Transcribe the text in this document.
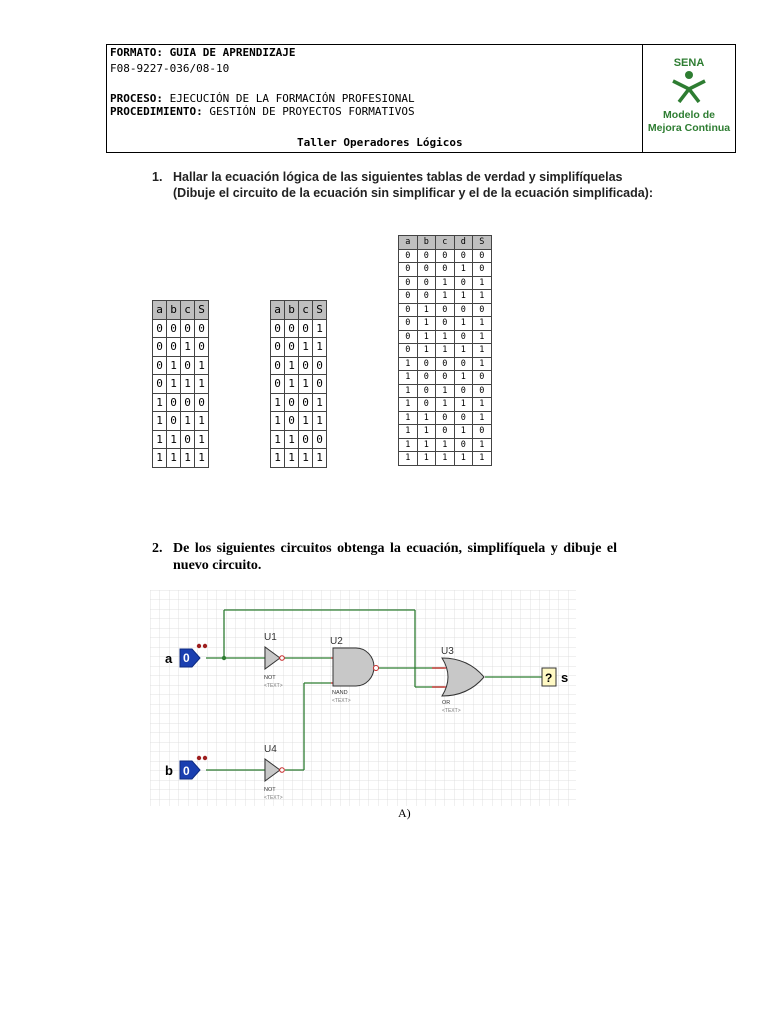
FORMATO: GUIA DE APRENDIZAJE
F08-9227-036/08-10
PROCESO: EJECUCIÓN DE LA FORMACIÓN PROFESIONAL
PROCEDIMIENTO: GESTIÓN DE PROYECTOS FORMATIVOS
Taller Operadores Lógicos
SENA
Modelo de
Mejora Continua
1. Hallar la ecuación lógica de las siguientes tablas de verdad y simplifíquelas
(Dibuje el circuito de la ecuación sin simplificar y el de la ecuación simplificada):
a	b	c	S
0	0	0	0
0	0	1	0
0	1	0	1
0	1	1	1
1	0	0	0
1	0	1	1
1	1	0	1
1	1	1	1
a	b	c	S
0	0	0	1
0	0	1	1
0	1	0	0
0	1	1	0
1	0	0	1
1	0	1	1
1	1	0	0
1	1	1	1
a	b	c	d	S
0	0	0	0	0
0	0	0	1	0
0	0	1	0	1
0	0	1	1	1
0	1	0	0	0
0	1	0	1	1
0	1	1	0	1
0	1	1	1	1
1	0	0	0	1
1	0	0	1	0
1	0	1	0	0
1	0	1	1	1
1	1	0	0	1
1	1	0	1	0
1	1	1	0	1
1	1	1	1	1
2. De los siguientes circuitos obtenga la ecuación, simplifíquela y dibuje el
nuevo circuito.
0
a
0
b
U1
NOT
<TEXT>
U2
NAND
<TEXT>
U3
OR
<TEXT>
U4
NOT
<TEXT>
? s
A)
